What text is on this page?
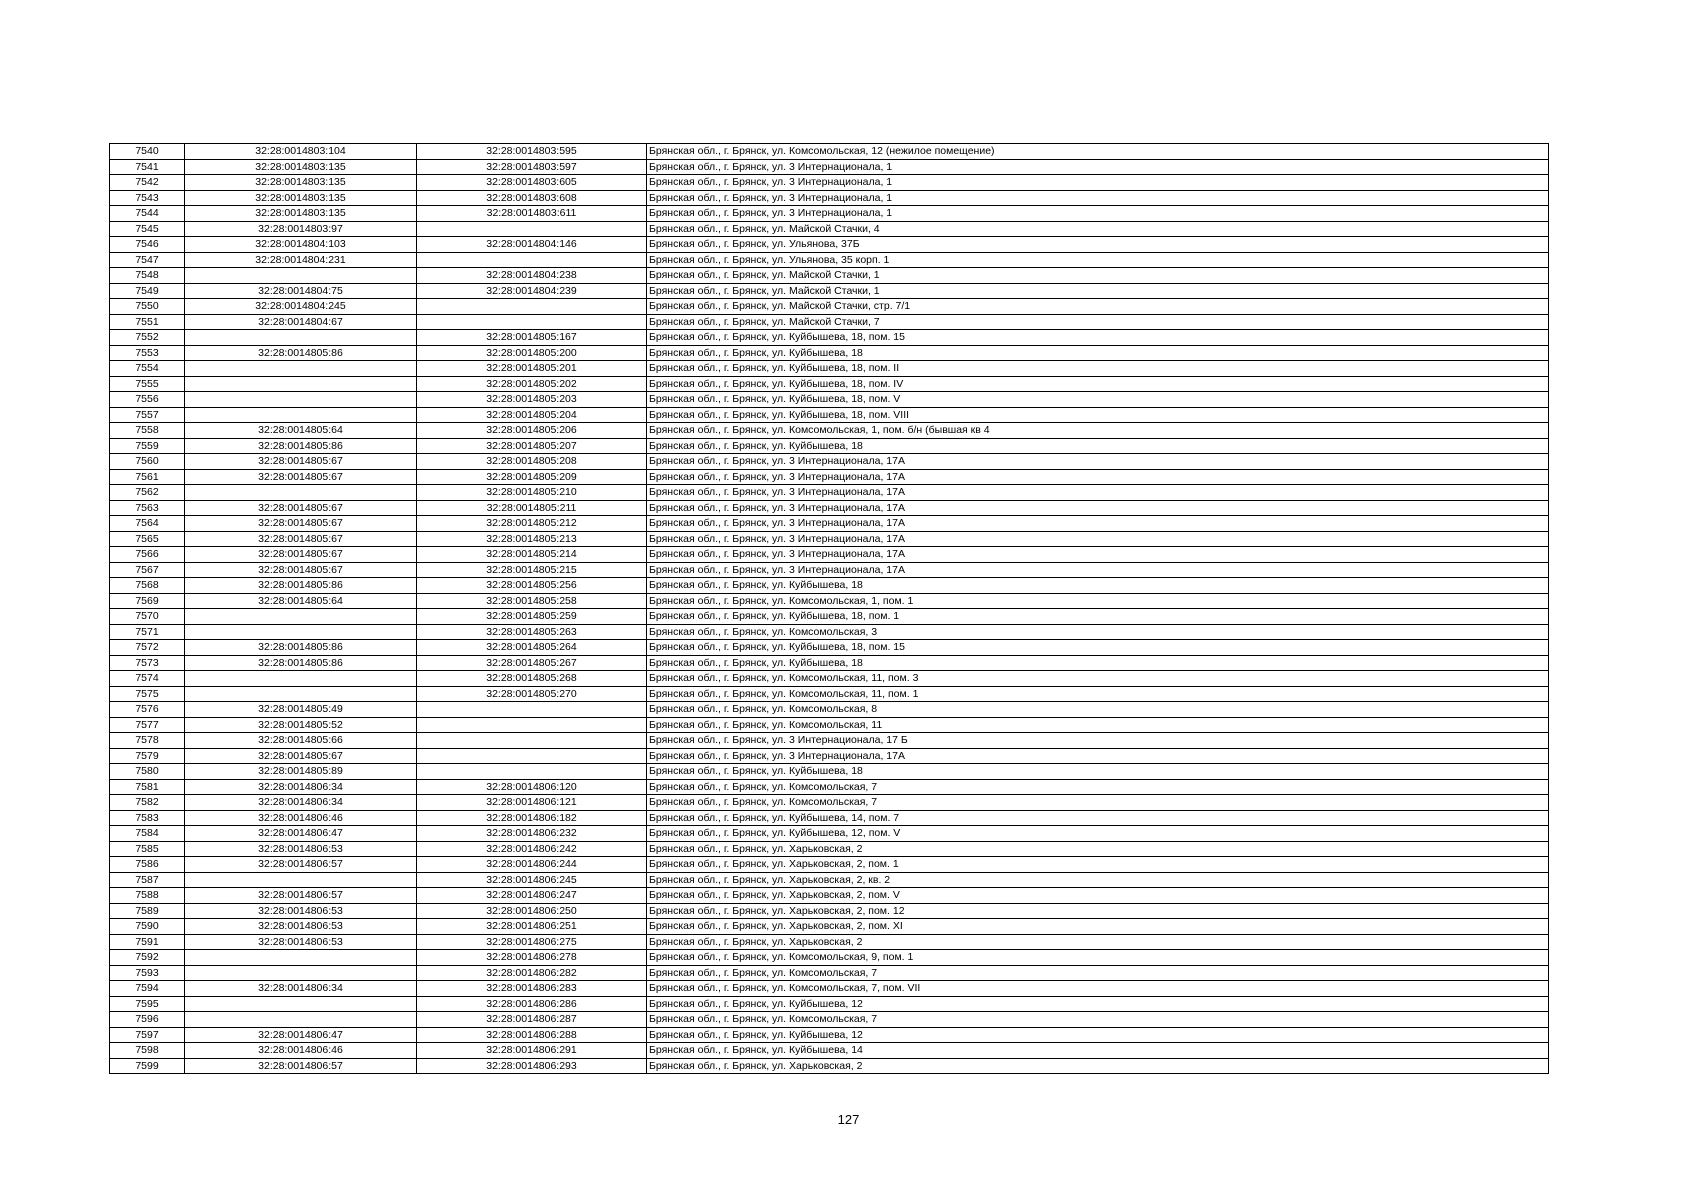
7540	32:28:0014803:104	32:28:0014803:595	Брянская обл., г. Брянск, ул. Комсомольская, 12 (нежилое помещение)
7541	32:28:0014803:135	32:28:0014803:597	Брянская обл., г. Брянск, ул. 3 Интернационала, 1
7542	32:28:0014803:135	32:28:0014803:605	Брянская обл., г. Брянск, ул. 3 Интернационала, 1
7543	32:28:0014803:135	32:28:0014803:608	Брянская обл., г. Брянск, ул. 3 Интернационала, 1
7544	32:28:0014803:135	32:28:0014803:611	Брянская обл., г. Брянск, ул. 3 Интернационала, 1
7545	32:28:0014803:97		Брянская обл., г. Брянск, ул. Майской Стачки, 4
7546	32:28:0014804:103	32:28:0014804:146	Брянская обл., г. Брянск, ул. Ульянова, 37Б
7547	32:28:0014804:231		Брянская обл., г. Брянск, ул. Ульянова, 35 корп. 1
7548		32:28:0014804:238	Брянская обл., г. Брянск, ул. Майской Стачки, 1
7549	32:28:0014804:75	32:28:0014804:239	Брянская обл., г. Брянск, ул. Майской Стачки, 1
7550	32:28:0014804:245		Брянская обл., г. Брянск, ул. Майской Стачки, стр. 7/1
7551	32:28:0014804:67		Брянская обл., г. Брянск, ул. Майской Стачки, 7
7552		32:28:0014805:167	Брянская обл., г. Брянск, ул. Куйбышева, 18, пом. 15
7553	32:28:0014805:86	32:28:0014805:200	Брянская обл., г. Брянск, ул. Куйбышева, 18
7554		32:28:0014805:201	Брянская обл., г. Брянск, ул. Куйбышева, 18, пом. II
7555		32:28:0014805:202	Брянская обл., г. Брянск, ул. Куйбышева, 18, пом. IV
7556		32:28:0014805:203	Брянская обл., г. Брянск, ул. Куйбышева, 18, пом. V
7557		32:28:0014805:204	Брянская обл., г. Брянск, ул. Куйбышева, 18, пом. VIII
7558	32:28:0014805:64	32:28:0014805:206	Брянская обл., г. Брянск, ул. Комсомольская, 1, пом. б/н (бывшая кв 4
7559	32:28:0014805:86	32:28:0014805:207	Брянская обл., г. Брянск, ул. Куйбышева, 18
7560	32:28:0014805:67	32:28:0014805:208	Брянская обл., г. Брянск, ул. 3 Интернационала, 17А
7561	32:28:0014805:67	32:28:0014805:209	Брянская обл., г. Брянск, ул. 3 Интернационала, 17А
7562		32:28:0014805:210	Брянская обл., г. Брянск, ул. 3 Интернационала, 17А
7563	32:28:0014805:67	32:28:0014805:211	Брянская обл., г. Брянск, ул. 3 Интернационала, 17А
7564	32:28:0014805:67	32:28:0014805:212	Брянская обл., г. Брянск, ул. 3 Интернационала, 17А
7565	32:28:0014805:67	32:28:0014805:213	Брянская обл., г. Брянск, ул. 3 Интернационала, 17А
7566	32:28:0014805:67	32:28:0014805:214	Брянская обл., г. Брянск, ул. 3 Интернационала, 17А
7567	32:28:0014805:67	32:28:0014805:215	Брянская обл., г. Брянск, ул. 3 Интернационала, 17А
7568	32:28:0014805:86	32:28:0014805:256	Брянская обл., г. Брянск, ул. Куйбышева, 18
7569	32:28:0014805:64	32:28:0014805:258	Брянская обл., г. Брянск, ул. Комсомольская, 1, пом. 1
7570		32:28:0014805:259	Брянская обл., г. Брянск, ул. Куйбышева, 18, пом. 1
7571		32:28:0014805:263	Брянская обл., г. Брянск, ул. Комсомольская, 3
7572	32:28:0014805:86	32:28:0014805:264	Брянская обл., г. Брянск, ул. Куйбышева, 18, пом. 15
7573	32:28:0014805:86	32:28:0014805:267	Брянская обл., г. Брянск, ул. Куйбышева, 18
7574		32:28:0014805:268	Брянская обл., г. Брянск, ул. Комсомольская, 11, пом. 3
7575		32:28:0014805:270	Брянская обл., г. Брянск, ул. Комсомольская, 11, пом. 1
7576	32:28:0014805:49		Брянская обл., г. Брянск, ул. Комсомольская, 8
7577	32:28:0014805:52		Брянская обл., г. Брянск, ул. Комсомольская, 11
7578	32:28:0014805:66		Брянская обл., г. Брянск, ул. 3 Интернационала, 17 Б
7579	32:28:0014805:67		Брянская обл., г. Брянск, ул. 3 Интернационала, 17А
7580	32:28:0014805:89		Брянская обл., г. Брянск, ул. Куйбышева, 18
7581	32:28:0014806:34	32:28:0014806:120	Брянская обл., г. Брянск, ул. Комсомольская, 7
7582	32:28:0014806:34	32:28:0014806:121	Брянская обл., г. Брянск, ул. Комсомольская, 7
7583	32:28:0014806:46	32:28:0014806:182	Брянская обл., г. Брянск, ул. Куйбышева, 14, пом. 7
7584	32:28:0014806:47	32:28:0014806:232	Брянская обл., г. Брянск, ул. Куйбышева, 12, пом. V
7585	32:28:0014806:53	32:28:0014806:242	Брянская обл., г. Брянск, ул. Харьковская, 2
7586	32:28:0014806:57	32:28:0014806:244	Брянская обл., г. Брянск, ул. Харьковская, 2, пом. 1
7587		32:28:0014806:245	Брянская обл., г. Брянск, ул. Харьковская, 2, кв. 2
7588	32:28:0014806:57	32:28:0014806:247	Брянская обл., г. Брянск, ул. Харьковская, 2, пом. V
7589	32:28:0014806:53	32:28:0014806:250	Брянская обл., г. Брянск, ул. Харьковская, 2, пом. 12
7590	32:28:0014806:53	32:28:0014806:251	Брянская обл., г. Брянск, ул. Харьковская, 2, пом. XI
7591	32:28:0014806:53	32:28:0014806:275	Брянская обл., г. Брянск, ул. Харьковская, 2
7592		32:28:0014806:278	Брянская обл., г. Брянск, ул. Комсомольская, 9, пом. 1
7593		32:28:0014806:282	Брянская обл., г. Брянск, ул. Комсомольская, 7
7594	32:28:0014806:34	32:28:0014806:283	Брянская обл., г. Брянск, ул. Комсомольская, 7, пом. VII
7595		32:28:0014806:286	Брянская обл., г. Брянск, ул. Куйбышева, 12
7596		32:28:0014806:287	Брянская обл., г. Брянск, ул. Комсомольская, 7
7597	32:28:0014806:47	32:28:0014806:288	Брянская обл., г. Брянск, ул. Куйбышева, 12
7598	32:28:0014806:46	32:28:0014806:291	Брянская обл., г. Брянск, ул. Куйбышева, 14
7599	32:28:0014806:57	32:28:0014806:293	Брянская обл., г. Брянск, ул. Харьковская, 2
127
